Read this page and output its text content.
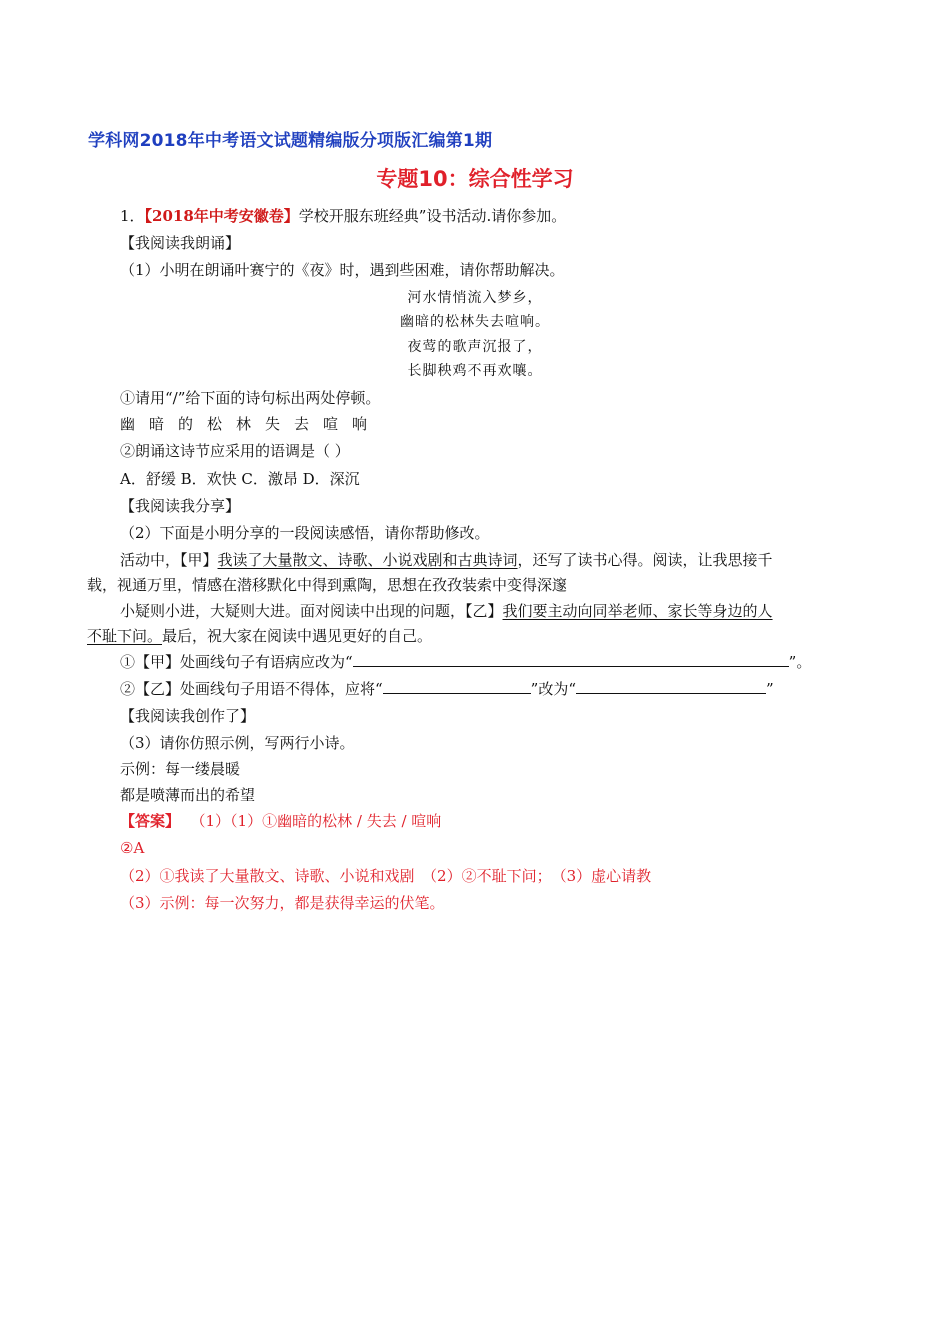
学科网2018年中考语文试题精编版分项版汇编第1期
专题10：综合性学习
1．【2018年中考安徽卷】学校开服东班经典”设书活动.请你参加。
【我阅读我朗诵】
（1）小明在朗诵叶赛宁的《夜》时，遇到些困难，请你帮助解决。
河水情悄流入梦乡，
幽暗的松林失去喧响。
夜莺的歌声沉报了，
长脚秧鸡不再欢嚷。
①请用“/”给下面的诗句标出两处停顿。
幽暗的松林失去喧响
②朗诵这诗节应采用的语调是（ ）
A．舒缓 B．欢快 C．激昂 D．深沉
【我阅读我分享】
（2）下面是小明分享的一段阅读感悟，请你帮助修改。
活动中，【甲】我读了大量散文、诗歌、小说戏剧和古典诗词，还写了读书心得。阅读，让我思接千
载，视通万里，情感在潜移默化中得到熏陶，思想在孜孜装索中变得深邃
小疑则小进，大疑则大进。面对阅读中出现的问题，【乙】我们要主动向同举老师、家长等身边的人
不耻下问。最后，祝大家在阅读中遇见更好的自己。
①【甲】处画线句子有语病应改为“	”。
②【乙】处画线句子用语不得体，应将“	”改为“	”
【我阅读我创作了】
（3）请你仿照示例，写两行小诗。
示例：每一缕晨暖
都是喷薄而出的希望
【答案】 （1）（1）①幽暗的松林 / 失去 / 喧响
②A
（2）①我读了大量散文、诗歌、小说和戏剧　（2）②不耻下问；　（3）虚心请教
（3）示例：每一次努力，都是获得幸运的伏笔。
